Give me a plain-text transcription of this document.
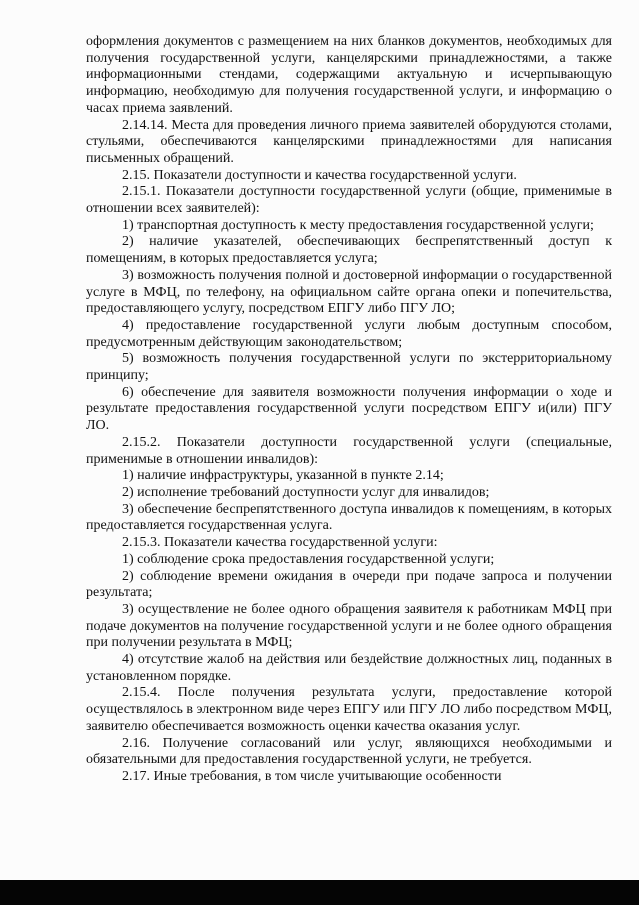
оформления документов с размещением на них бланков документов, необходимых для получения государственной услуги, канцелярскими принадлежностями, а также информационными стендами, содержащими актуальную и исчерпывающую информацию, необходимую для получения государственной услуги, и информацию о часах приема заявлений.

2.14.14. Места для проведения личного приема заявителей оборудуются столами, стульями, обеспечиваются канцелярскими принадлежностями для написания письменных обращений.

2.15. Показатели доступности и качества государственной услуги.

2.15.1. Показатели доступности государственной услуги (общие, применимые в отношении всех заявителей):

1) транспортная доступность к месту предоставления государственной услуги;

2) наличие указателей, обеспечивающих беспрепятственный доступ к помещениям, в которых предоставляется услуга;

3) возможность получения полной и достоверной информации о государственной услуге в МФЦ, по телефону, на официальном сайте органа опеки и попечительства, предоставляющего услугу, посредством ЕПГУ либо ПГУ ЛО;

4) предоставление государственной услуги любым доступным способом, предусмотренным действующим законодательством;

5) возможность получения государственной услуги по экстерриториальному принципу;

6) обеспечение для заявителя возможности получения информации о ходе и результате предоставления государственной услуги посредством ЕПГУ и(или) ПГУ ЛО.

2.15.2. Показатели доступности государственной услуги (специальные, применимые в отношении инвалидов):

1) наличие инфраструктуры, указанной в пункте 2.14;

2) исполнение требований доступности услуг для инвалидов;

3) обеспечение беспрепятственного доступа инвалидов к помещениям, в которых предоставляется государственная услуга.

2.15.3. Показатели качества государственной услуги:

1) соблюдение срока предоставления государственной услуги;

2) соблюдение времени ожидания в очереди при подаче запроса и получении результата;

3) осуществление не более одного обращения заявителя к работникам МФЦ при подаче документов на получение государственной услуги и не более одного обращения при получении результата в МФЦ;

4) отсутствие жалоб на действия или бездействие должностных лиц, поданных в установленном порядке.

2.15.4. После получения результата услуги, предоставление которой осуществлялось в электронном виде через ЕПГУ или ПГУ ЛО либо посредством МФЦ, заявителю обеспечивается возможность оценки качества оказания услуг.

2.16. Получение согласований или услуг, являющихся необходимыми и обязательными для предоставления государственной услуги, не требуется.

2.17. Иные требования, в том числе учитывающие особенности
